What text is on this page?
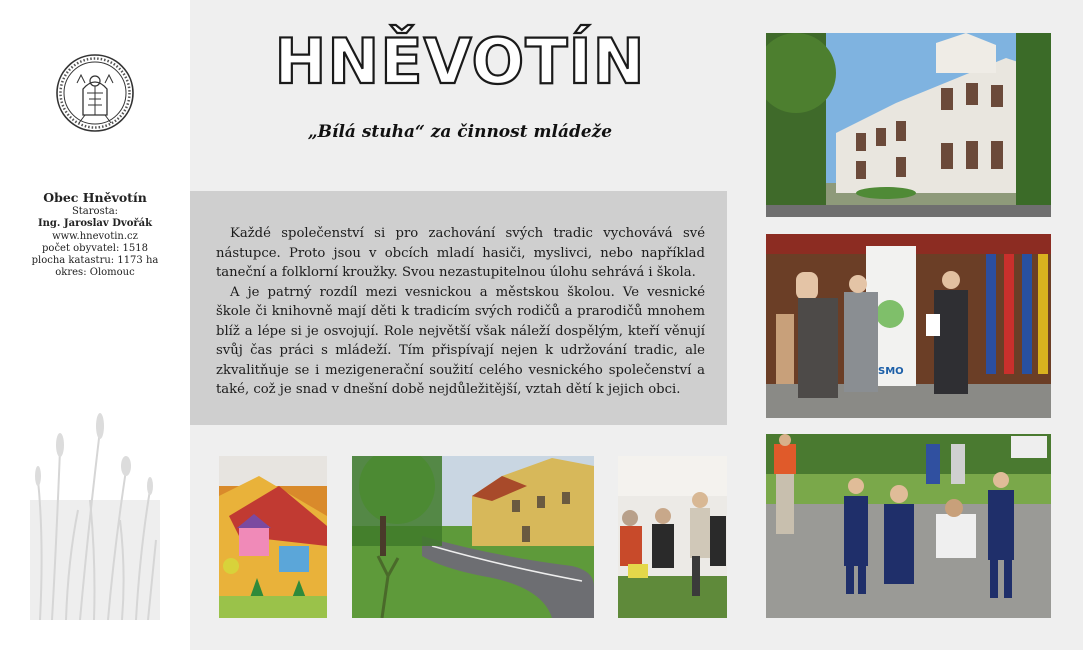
Obec Hněvotín
Starosta:
Ing. Jaroslav Dvořák
www.hnevotin.cz
počet obyvatel: 1518
plocha katastru: 1173 ha
okres: Olomouc
HNĚVOTÍN
„Bílá stuha“ za činnost mládeže

Každé společenství si pro zachování svých tradic vychovává své nástupce. Proto jsou v obcích mladí hasiči, myslivci, nebo například taneční a folklorní kroužky. Svou nezastupitelnou úlohu sehrává i škola.

A je patrný rozdíl mezi vesnickou a městskou školou. Ve vesnické škole či knihovně mají děti k tradicím svých rodičů a prarodičů mnohem blíž a lépe si je osvojují. Role největší však náleží dospělým, kteří věnují svůj čas práci s mládeží. Tím přispívají nejen k udržování tradic, ale zkvalitňuje se i mezigenerační soužití celého vesnického společenství a také, což je snad v dnešní době nejdůležitější, vztah dětí k jejich obci.

SMO
